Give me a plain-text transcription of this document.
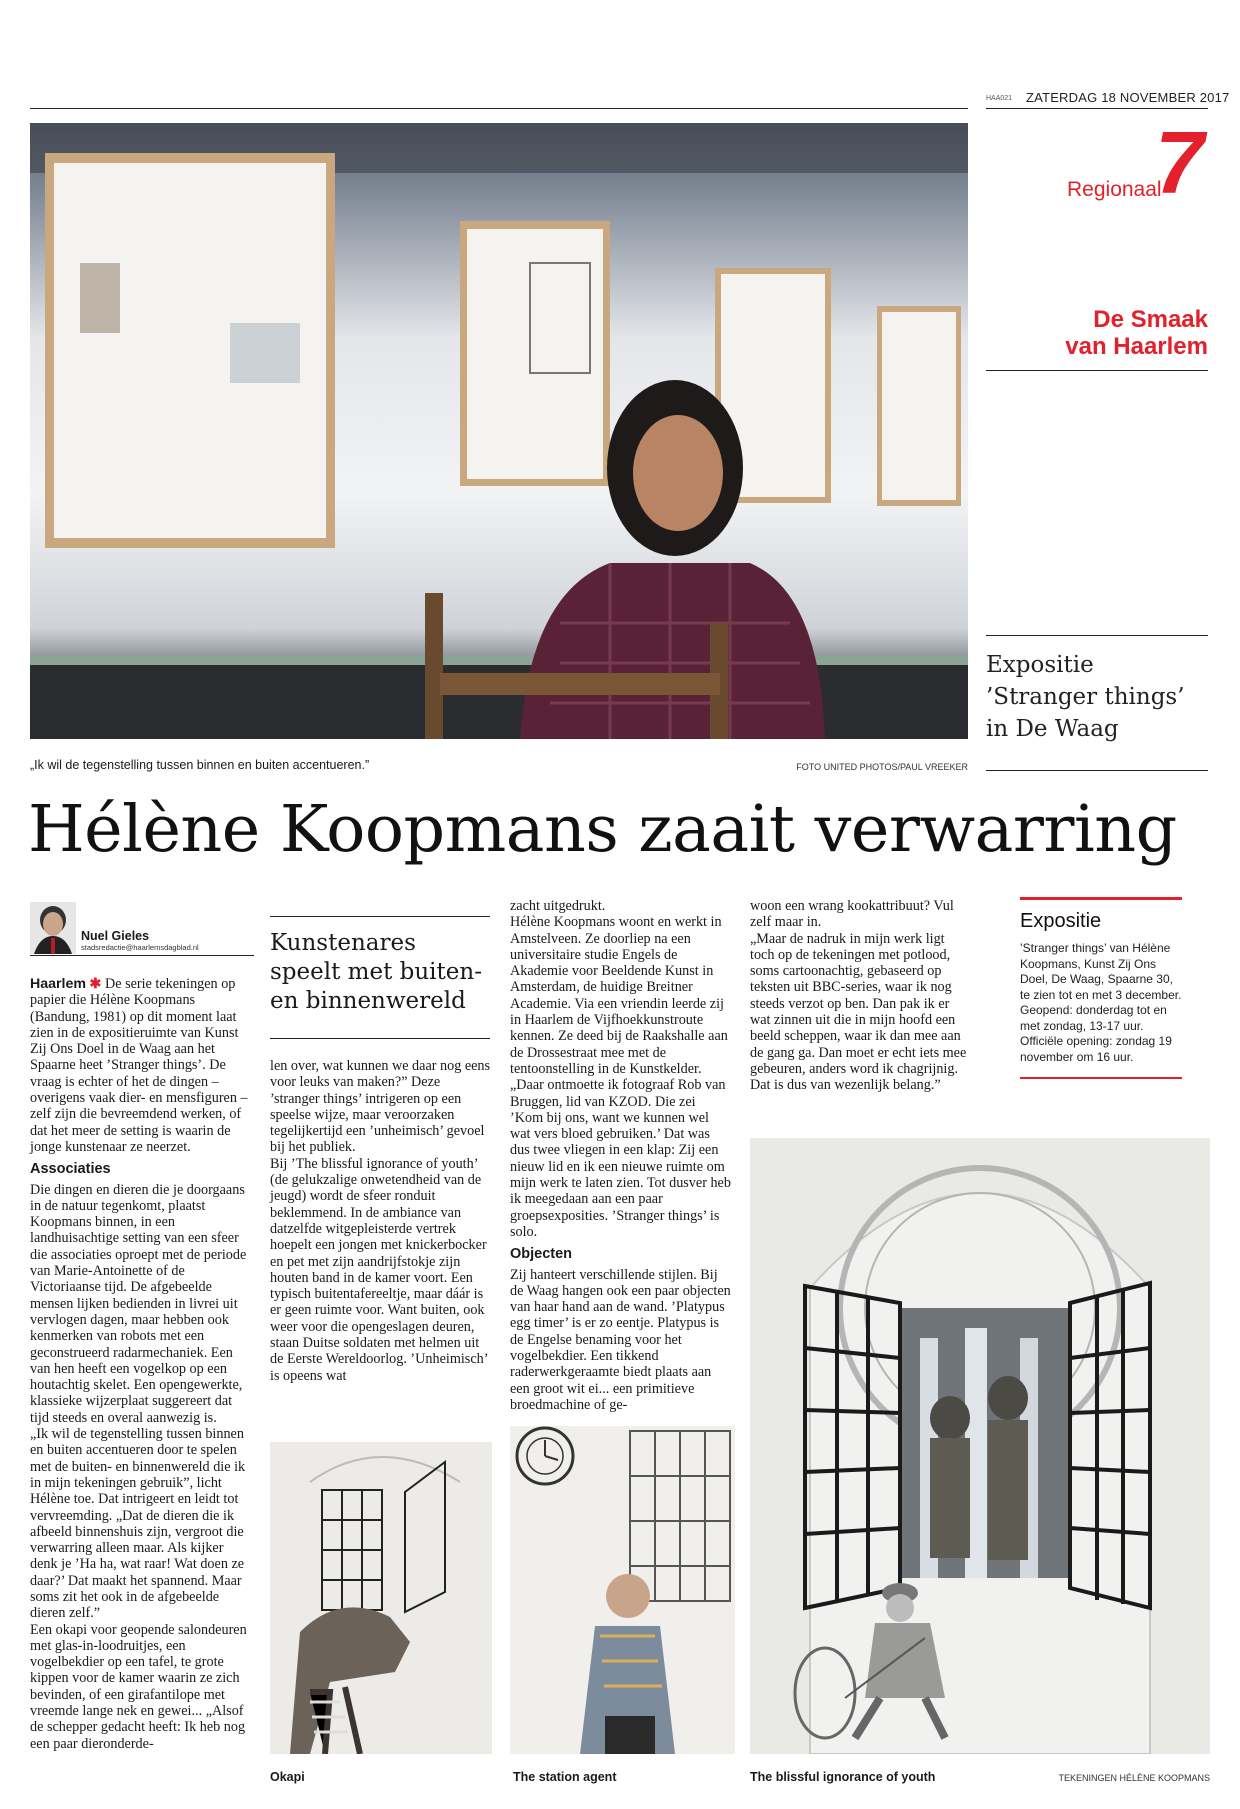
HAA021 ZATERDAG 18 NOVEMBER 2017
Regionaal
7
De Smaak
van Haarlem
„Ik wil de tegenstelling tussen binnen en buiten accentueren.”	FOTO UNITED PHOTOS/PAUL VREEKER
Expositie
’Stranger things’
in De Waag
Hélène Koopmans zaait verwarring
Nuel Gieles
stadsredactie@haarlemsdagblad.nl	Kunstenares
speelt met buiten-
en binnenwereld

Haarlem ✱ De serie tekeningen op papier die Hélène Koopmans (Bandung, 1981) op dit moment laat zien in de expositieruimte van Kunst Zij Ons Doel in de Waag aan het Spaarne heet ’Stranger things’. De vraag is echter of het de dingen – overigens vaak dier- en mensfiguren – zelf zijn die bevreemdend werken, of dat het meer de setting is waarin de jonge kunstenaar ze neerzet.

Associaties

Die dingen en dieren die je doorgaans in de natuur tegenkomt, plaatst Koopmans binnen, in een landhuisachtige setting van een sfeer die associaties oproept met de periode van Marie-Antoinette of de Victoriaanse tijd. De afgebeelde mensen lijken bedienden in livrei uit vervlogen dagen, maar hebben ook kenmerken van robots met een geconstrueerd radarmechaniek. Een van hen heeft een vogelkop op een houtachtig skelet. Een opengewerkte, klassieke wijzerplaat suggereert dat tijd steeds en overal aanwezig is.

„Ik wil de tegenstelling tussen binnen en buiten accentueren door te spelen met de buiten- en binnenwereld die ik in mijn tekeningen gebruik”, licht Hélène toe. Dat intrigeert en leidt tot vervreemding. „Dat de dieren die ik afbeeld binnenshuis zijn, vergroot die verwarring alleen maar. Als kijker denk je ’Ha ha, wat raar! Wat doen ze daar?’ Dat maakt het spannend. Maar soms zit het ook in de afgebeelde dieren zelf.”

Een okapi voor geopende salondeuren met glas-in-loodruitjes, een vogelbekdier op een tafel, te grote kippen voor de kamer waarin ze zich bevinden, of een girafantilope met vreemde lange nek en gewei... „Alsof de schepper gedacht heeft: Ik heb nog een paar dieronderde-

len over, wat kunnen we daar nog eens voor leuks van maken?” Deze ’stranger things’ intrigeren op een speelse wijze, maar veroorzaken tegelijkertijd een ’unheimisch’ gevoel bij het publiek.

Bij ’The blissful ignorance of youth’ (de gelukzalige onwetendheid van de jeugd) wordt de sfeer ronduit beklemmend. In de ambiance van datzelfde witgepleisterde vertrek hoepelt een jongen met knickerbocker en pet met zijn aandrijfstokje zijn houten band in de kamer voort. Een typisch buitentafereeltje, maar dáár is er geen ruimte voor. Want buiten, ook weer voor die opengeslagen deuren, staan Duitse soldaten met helmen uit de Eerste Wereldoorlog. ’Unheimisch’ is opeens wat

zacht uitgedrukt.

Hélène Koopmans woont en werkt in Amstelveen. Ze doorliep na een universitaire studie Engels de Akademie voor Beeldende Kunst in Amsterdam, de huidige Breitner Academie. Via een vriendin leerde zij in Haarlem de Vijfhoekkunstroute kennen. Ze deed bij de Raakshalle aan de Drossestraat mee met de tentoonstelling in de Kunstkelder. „Daar ontmoette ik fotograaf Rob van Bruggen, lid van KZOD. Die zei ’Kom bij ons, want we kunnen wel wat vers bloed gebruiken.’ Dat was dus twee vliegen in een klap: Zij een nieuw lid en ik een nieuwe ruimte om mijn werk te laten zien. Tot dusver heb ik meegedaan aan een paar groepsexposities. ’Stranger things’ is solo.

Objecten

Zij hanteert verschillende stijlen. Bij de Waag hangen ook een paar objecten van haar hand aan de wand. ’Platypus egg timer’ is er zo eentje. Platypus is de Engelse benaming voor het vogelbekdier. Een tikkend raderwerkgeraamte biedt plaats aan een groot wit ei... een primitieve broedmachine of ge-

woon een wrang kookattribuut? Vul zelf maar in.

„Maar de nadruk in mijn werk ligt toch op de tekeningen met potlood, soms cartoonachtig, gebaseerd op teksten uit BBC-series, waar ik nog steeds verzot op ben. Dan pak ik er wat zinnen uit die in mijn hoofd een beeld scheppen, waar ik dan mee aan de gang ga. Dan moet er echt iets mee gebeuren, anders word ik chagrijnig. Dat is dus van wezenlijk belang.”

Expositie
’Stranger things’ van Hélène Koopmans, Kunst Zij Ons Doel, De Waag, Spaarne 30, te zien tot en met 3 december. Geopend: donderdag tot en met zondag, 13-17 uur. Officiële opening: zondag 19 november om 16 uur.
Okapi	The station agent	The blissful ignorance of youth	TEKENINGEN HÉLÈNE KOOPMANS
